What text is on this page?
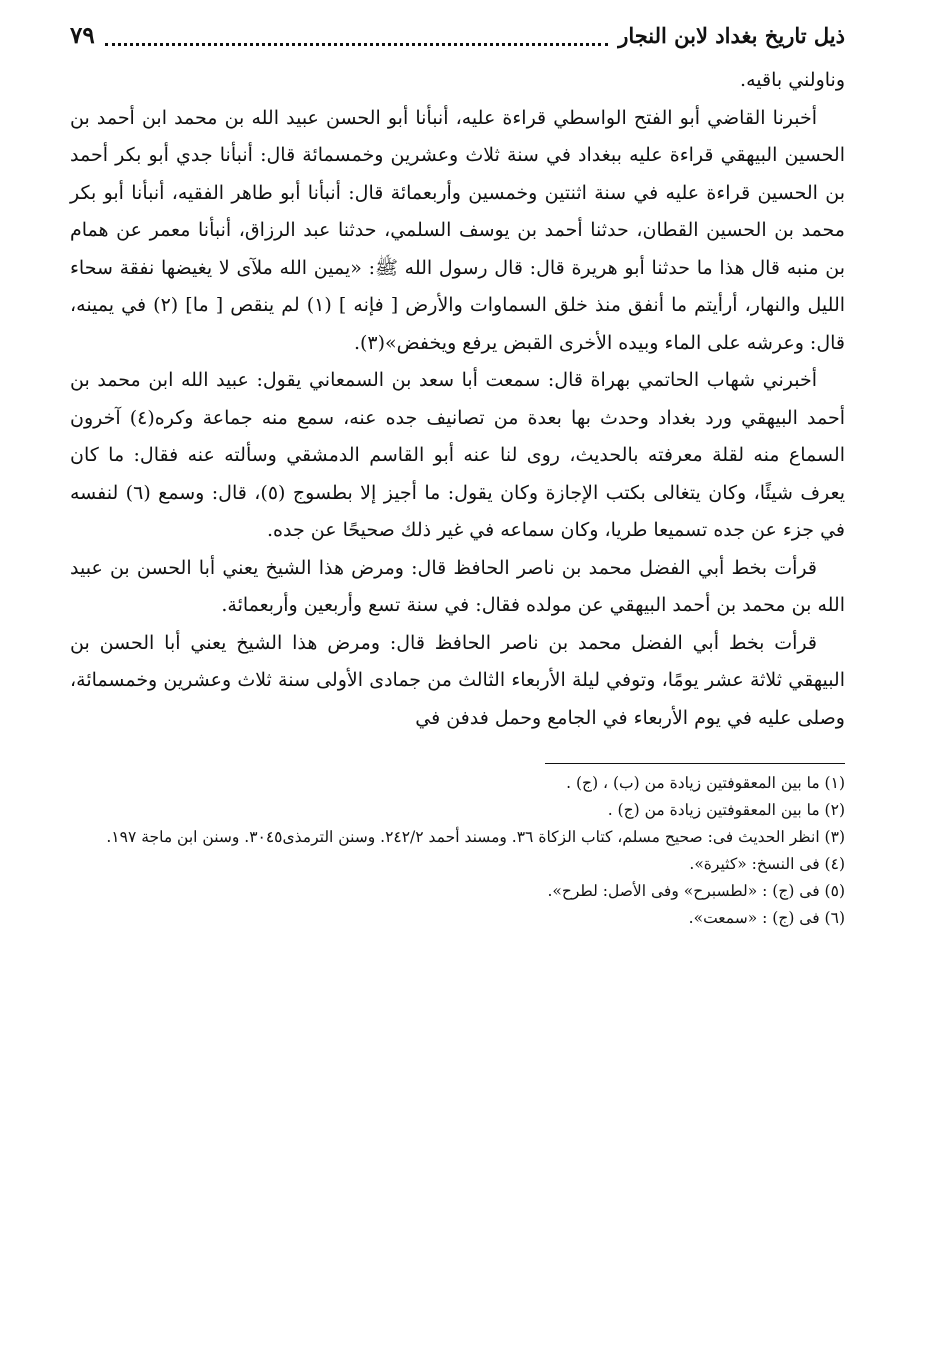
ذيل تاريخ بغداد لابن النجار
٧٩

وناولني باقيه.

أخبرنا القاضي أبو الفتح الواسطي قراءة عليه، أنبأنا أبو الحسن عبيد الله بن محمد ابن أحمد بن الحسين البيهقي قراءة عليه ببغداد في سنة ثلاث وعشرين وخمسمائة قال: أنبأنا جدي أبو بكر أحمد بن الحسين قراءة عليه في سنة اثنتين وخمسين وأربعمائة قال: أنبأنا أبو طاهر الفقيه، أنبأنا أبو بكر محمد بن الحسين القطان، حدثنا أحمد بن يوسف السلمي، حدثنا عبد الرزاق، أنبأنا معمر عن همام بن منبه قال هذا ما حدثنا أبو هريرة قال: قال رسول الله ﷺ: «يمين الله ملآى لا يغيضها نفقة سحاء الليل والنهار، أرأيتم ما أنفق منذ خلق السماوات والأرض [ فإنه ] (١) لم ينقص [ ما] (٢) في يمينه، قال: وعرشه على الماء وبيده الأخرى القبض يرفع ويخفض»(٣).

أخبرني شهاب الحاتمي بهراة قال: سمعت أبا سعد بن السمعاني يقول: عبيد الله ابن محمد بن أحمد البيهقي ورد بغداد وحدث بها بعدة من تصانيف جده عنه، سمع منه جماعة وكره(٤) آخرون السماع منه لقلة معرفته بالحديث، روى لنا عنه أبو القاسم الدمشقي وسألته عنه فقال: ما كان يعرف شيئًا، وكان يتغالى بكتب الإجازة وكان يقول: ما أجيز إلا بطسوج (٥)، قال: وسمع (٦) لنفسه في جزء عن جده تسميعا طريا، وكان سماعه في غير ذلك صحيحًا عن جده.

قرأت بخط أبي الفضل محمد بن ناصر الحافظ قال: ومرض هذا الشيخ يعني أبا الحسن بن عبيد الله بن محمد بن أحمد البيهقي عن مولده فقال: في سنة تسع وأربعين وأربعمائة.

قرأت بخط أبي الفضل محمد بن ناصر الحافظ قال: ومرض هذا الشيخ يعني أبا الحسن بن البيهقي ثلاثة عشر يومًا، وتوفي ليلة الأربعاء الثالث من جمادى الأولى سنة ثلاث وعشرين وخمسمائة، وصلى عليه في يوم الأربعاء في الجامع وحمل فدفن في

(١) ما بين المعقوفتين زيادة من (ب) ، (ج) .

(٢) ما بين المعقوفتين زيادة من (ج) .

(٣) انظر الحديث فى: صحيح مسلم، كتاب الزكاة ٣٦. ومسند أحمد ٢٤٢/٢. وسنن الترمذى٣٠٤٥. وسنن ابن ماجة ١٩٧.

(٤) فى النسخ: «كثيرة».

(٥) فى (ج) : «لطسبرح» وفى الأصل: لطرح».

(٦) فى (ج) : «سمعت».
